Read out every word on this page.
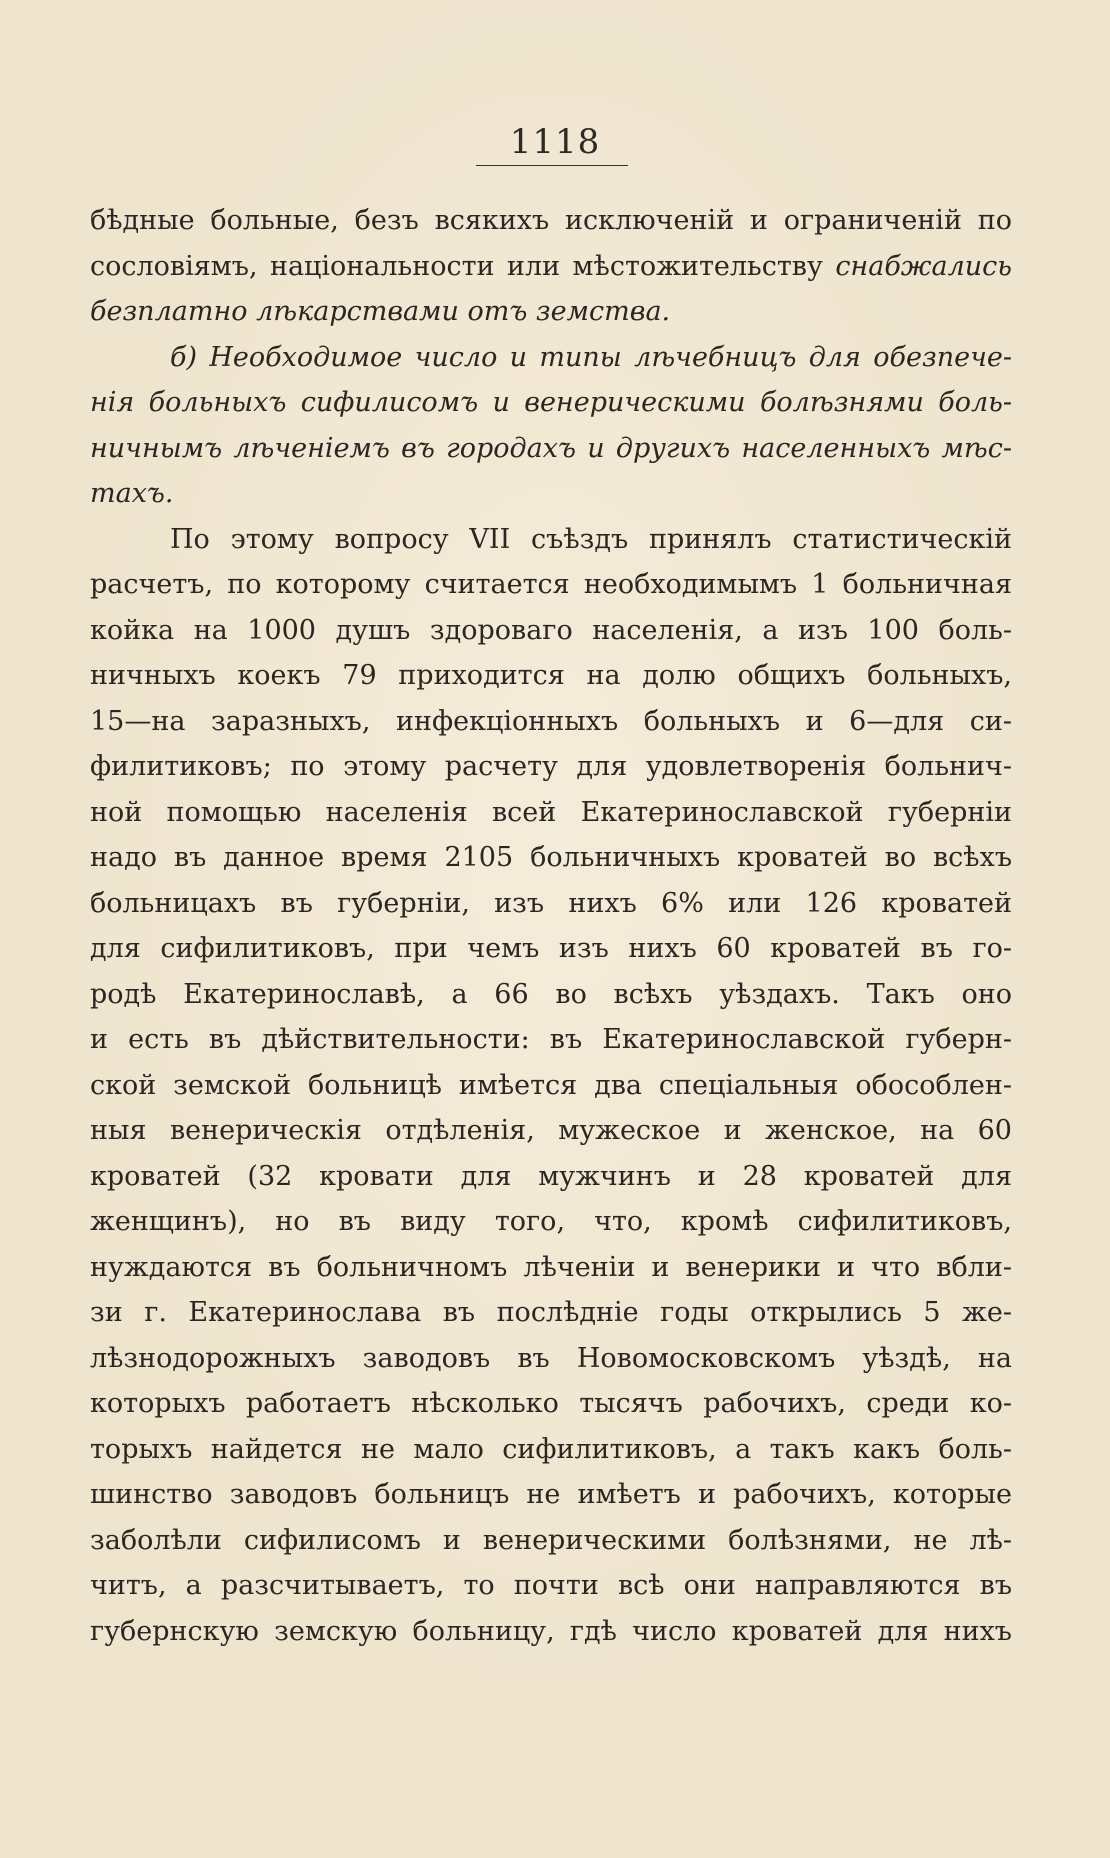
1118
бѣдные больные, безъ всякихъ исключеній и ограниченій по
сословіямъ, національности или мѣстожительству снабжались
безплатно лѣкарствами отъ земства.
б) Необходимое число и типы лѣчебницъ для обезпече-
нія больныхъ сифилисомъ и венерическими болѣзнями боль-
ничнымъ лѣченіемъ въ городахъ и другихъ населенныхъ мѣс-
тахъ.
По этому вопросу VII съѣздъ принялъ статистическій
расчетъ, по которому считается необходимымъ 1 больничная
койка на 1000 душъ здороваго населенія, а изъ 100 боль-
ничныхъ коекъ 79 приходится на долю общихъ больныхъ,
15—на заразныхъ, инфекціонныхъ больныхъ и 6—для си-
филитиковъ; по этому расчету для удовлетворенія больнич-
ной помощью населенія всей Екатеринославской губерніи
надо въ данное время 2105 больничныхъ кроватей во всѣхъ
больницахъ въ губерніи, изъ нихъ 6% или 126 кроватей
для сифилитиковъ, при чемъ изъ нихъ 60 кроватей въ го-
родѣ Екатеринославѣ, а 66 во всѣхъ уѣздахъ. Такъ оно
и есть въ дѣйствительности: въ Екатеринославской губерн-
ской земской больницѣ имѣется два спеціальныя обособлен-
ныя венерическія отдѣленія, мужеское и женское, на 60
кроватей (32 кровати для мужчинъ и 28 кроватей для
женщинъ), но въ виду того, что, кромѣ сифилитиковъ,
нуждаются въ больничномъ лѣченіи и венерики и что вбли-
зи г. Екатеринослава въ послѣдніе годы открылись 5 же-
лѣзнодорожныхъ заводовъ въ Новомосковскомъ уѣздѣ, на
которыхъ работаетъ нѣсколько тысячъ рабочихъ, среди ко-
торыхъ найдется не мало сифилитиковъ, а такъ какъ боль-
шинство заводовъ больницъ не имѣетъ и рабочихъ, которые
заболѣли сифилисомъ и венерическими болѣзнями, не лѣ-
читъ, а разсчитываетъ, то почти всѣ они направляются въ
губернскую земскую больницу, гдѣ число кроватей для нихъ
